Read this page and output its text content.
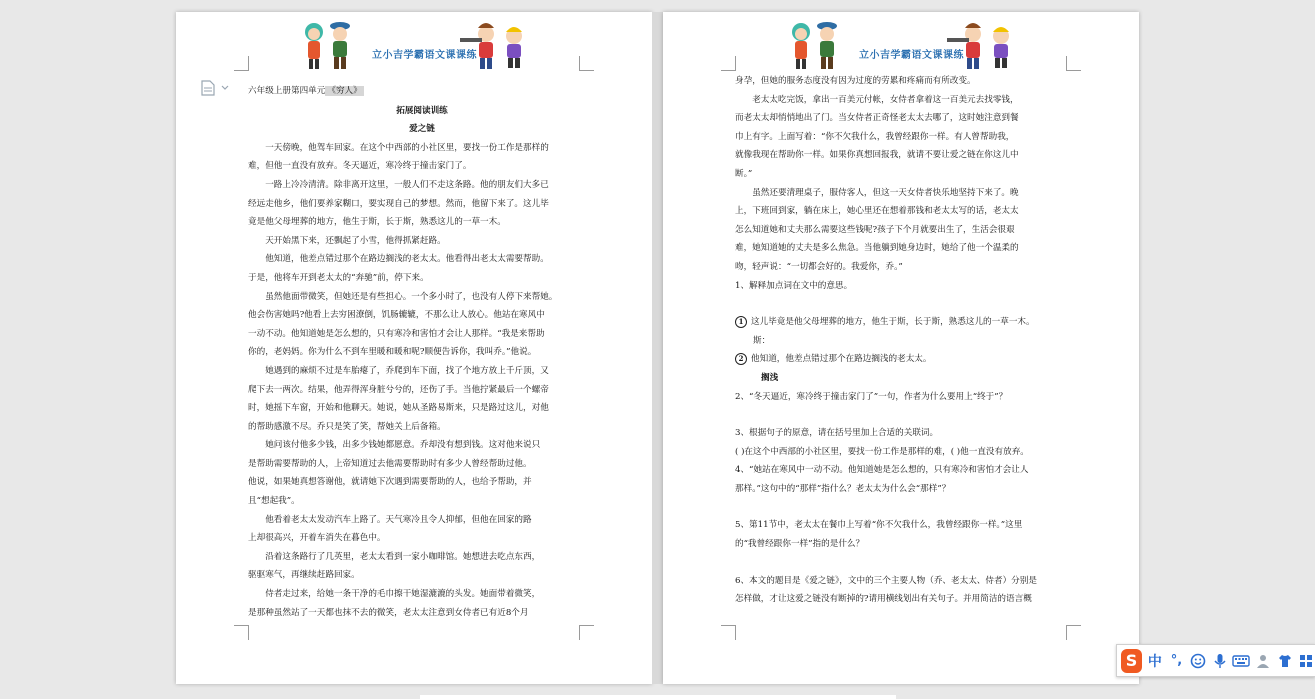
立小吉学霸语文课课练

六年级上册第四单元 《穷人》

拓展阅读训练

爱之链

一天傍晚，他驾车回家。在这个中西部的小社区里，要找一份工作是那样的

难，但他一直没有放弃。冬天逼近，寒冷终于撞击家门了。

一路上冷冷清清。除非离开这里，一般人们不走这条路。他的朋友们大多已

经远走他乡，他们要养家糊口，要实现自己的梦想。然而，他留下来了。这儿毕

竟是他父母埋葬的地方，他生于斯，长于斯，熟悉这儿的一草一木。

天开始黑下来，还飘起了小雪，他得抓紧赶路。

他知道，他差点错过那个在路边搁浅的老太太。他看得出老太太需要帮助。

于是，他将车开到老太太的“奔驰”前，停下来。

虽然他面带微笑，但她还是有些担心。一个多小时了，也没有人停下来帮她。

他会伤害她吗?他看上去穷困潦倒，饥肠辘辘，不那么让人放心。他站在寒风中

一动不动。他知道她是怎么想的，只有寒冷和害怕才会让人那样。“我是来帮助

你的，老妈妈。你为什么不到车里暖和暖和呢?顺便告诉你，我叫乔。”他说。

她遇到的麻烦不过是车胎瘪了，乔爬到车下面，找了个地方放上千斤顶，又

爬下去一两次。结果，他弄得浑身脏兮兮的，还伤了手。当他拧紧最后一个螺帝

时，她摇下车窗，开始和他聊天。她说，她从圣路易斯来，只是路过这儿，对他

的帮助感激不尽。乔只是笑了笑，帮她关上后备箱。

她问该付他多少钱，出多少钱她都愿意。乔却没有想到钱。这对他来说只

是帮助需要帮助的人，上帝知道过去他需要帮助时有多少人曾经帮助过他。

他说，如果她真想答谢他，就请她下次遇到需要帮助的人，也给予帮助，并

且“想起我”。

他看着老太太发动汽车上路了。天气寒冷且令人抑郁，但他在回家的路

上却很高兴，开着车消失在暮色中。

沿着这条路行了几英里，老太太看到一家小咖啡馆。她想进去吃点东西，

驱驱寒气，再继续赶路回家。

侍者走过来，给她一条干净的毛巾擦干她湿漉漉的头发。她面带着微笑，

是那种虽然站了一天都也抹不去的微笑，老太太注意到女侍者已有近8个月

立小吉学霸语文课课练

身孕，但她的服务态度没有因为过度的劳累和疼痛而有所改变。

老太太吃完饭，拿出一百美元付帐，女侍者拿着这一百美元去找零钱，

而老太太却悄悄地出了门。当女侍者正奇怪老太太去哪了，这时她注意到餐

巾上有字。上面写着：“你不欠我什么，我曾经跟你一样。有人曾帮助我，

就像我现在帮助你一样。如果你真想回报我，就请不要让爱之链在你这儿中

断。”

虽然还要清理桌子，服侍客人，但这一天女侍者快乐地坚持下来了。晚

上，下班回到家，躺在床上，她心里还在想着那钱和老太太写的话，老太太

怎么知道她和丈夫那么需要这些钱呢?孩子下个月就要出生了，生活会很艰

难，她知道她的丈夫是多么焦急。当他躺到她身边时，她给了他一个温柔的

吻，轻声说：“一切都会好的。我爱你，乔。”

1、解释加点词在文中的意思。

1 这儿毕竟是他父母埋葬的地方，他生于斯，长于斯，熟悉这儿的一草一木。

斯：

2 他知道，他差点错过那个在路边搁浅的老太太。

搁浅

2、“冬天逼近，寒冷终于撞击家门了”一句，作者为什么要用上“终于”？

3、根据句子的原意，请在括号里加上合适的关联词。

( )在这个中西部的小社区里，要找一份工作是那样的难，( )他一直没有放弃。

4、“她站在寒风中一动不动。他知道她是怎么想的，只有寒冷和害怕才会让人

那样。”这句中的“那样”指什么？老太太为什么会“那样”？

5、第11节中，老太太在餐巾上写着“你不欠我什么，我曾经跟你一样。”这里

的“我曾经跟你一样”指的是什么？

6、本文的题目是《爱之链》，文中的三个主要人物（乔、老太太、侍者）分别是

怎样做，才让这爱之链没有断掉的?请用横线划出有关句子。并用简洁的语言概

S 中 °,
